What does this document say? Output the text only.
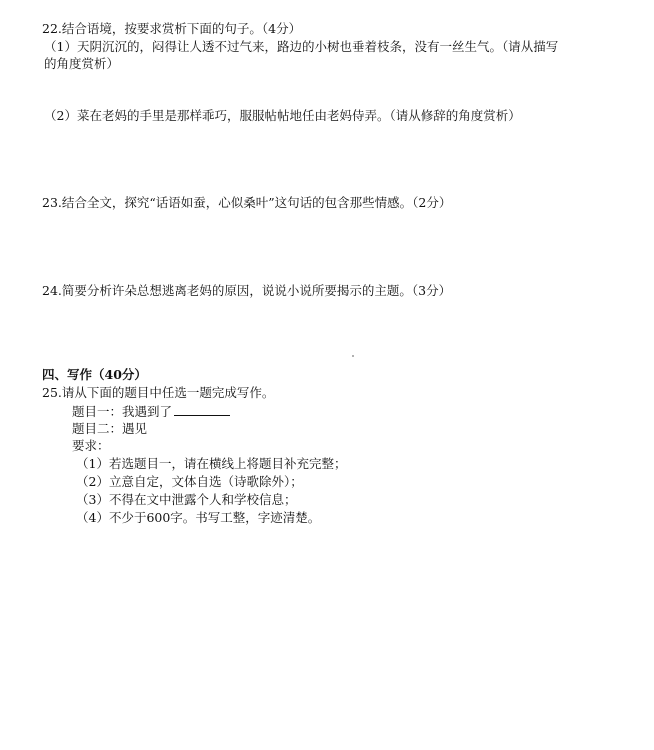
22.结合语境，按要求赏析下面的句子。（4分）
（1）天阴沉沉的，闷得让人透不过气来，路边的小树也垂着枝条，没有一丝生气。（请从描写
的角度赏析）
（2）菜在老妈的手里是那样乖巧，服服帖帖地任由老妈侍弄。（请从修辞的角度赏析）
23.结合全文，探究“话语如蚕，心似桑叶”这句话的包含那些情感。（2分）
24.简要分析许朵总想逃离老妈的原因，说说小说所要揭示的主题。（3分）
四、写作（40分）
25.请从下面的题目中任选一题完成写作。
题目一：我遇到了
题目二：遇见
要求：
（1）若选题目一，请在横线上将题目补充完整；
（2）立意自定，文体自选（诗歌除外）；
（3）不得在文中泄露个人和学校信息；
（4）不少于600字。书写工整，字迹清楚。
